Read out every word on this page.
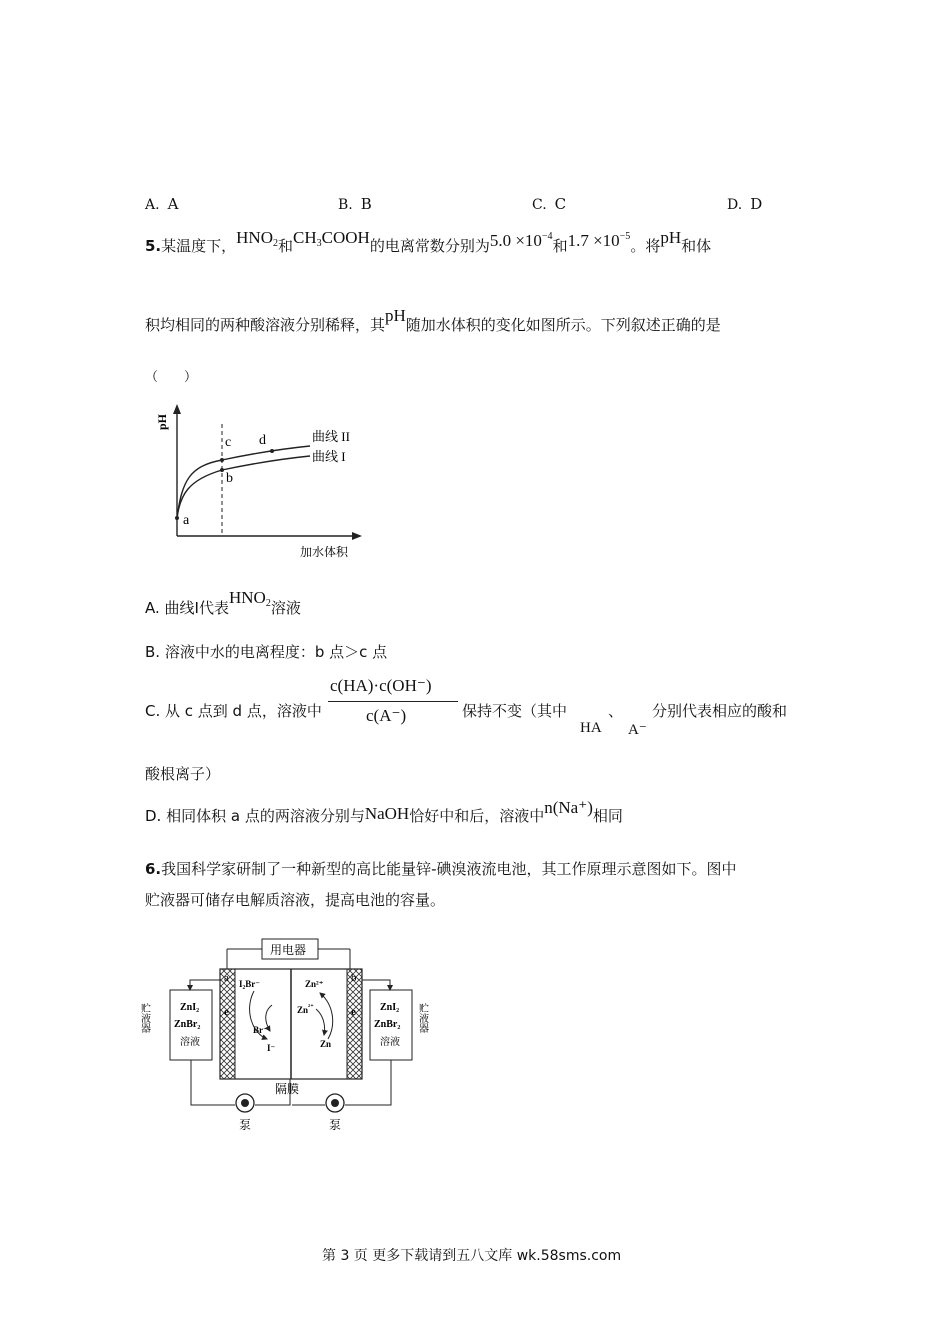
A. A	B. B	C. C	D. D
5.某温度下，$HNO_2$和$CH_3COOH$的电离常数分别为$5.0 \times 10^{-4}$和$1.7 \times 10^{-5}$。将pH和体
积均相同的两种酸溶液分别稀释，其pH随加水体积的变化如图所示。下列叙述正确的是
（　　）
pH
a
b
c d	曲线 II
曲线 I
加水体积
A. 曲线Ⅰ代表$HNO_2$溶液
B. 溶液中水的电离程度：b 点＞c 点
C. 从 c 点到 d 点，溶液中
c(HA)·c(OH⁻)
c(A⁻)	保持不变（其中
HA
、
A⁻
分别代表相应的酸和
酸根离子）
D. 相同体积 a 点的两溶液分别与NaOH恰好中和后，溶液中n(Na⁺)相同
6.我国科学家研制了一种新型的高比能量锌-碘溴液流电池，其工作原理示意图如下。图中
贮液器可储存电解质溶液，提高电池的容量。
用电器
a	b
e	e
I₂Br⁻
Br⁻
I⁻
Zn²⁺
$Zn^{^{2+}}$
Zn
隔膜
ZnI₂
ZnBr₂
溶液
ZnI₂
ZnBr₂
溶液
贮液器	贮液器
泵	泵
第 3 页 更多下载请到五八文库 wk.58sms.com
